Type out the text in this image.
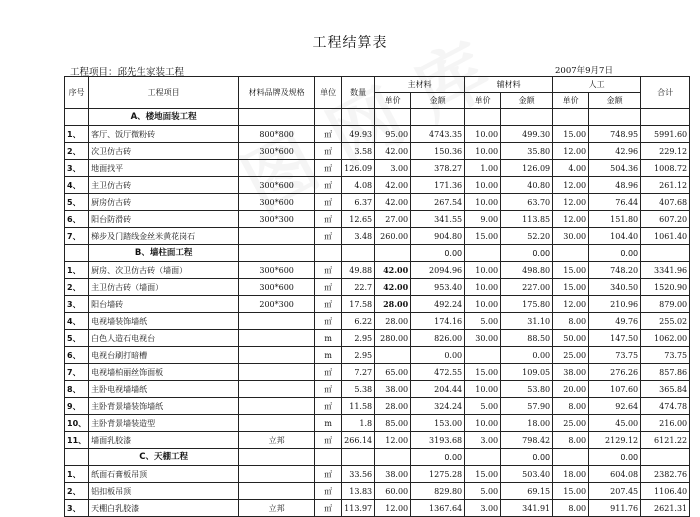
工程结算表
工程项目：邱先生家装工程	2007年9月7日
序号	工程项目	材料品牌及规格	单位	数量	主材料		辅材料		人工		合计
					单价	金额	单价	金额	单价	金额	
	A、楼地面装工程										
1、	客厅、饭厅微粉砖	800*800	㎡	49.93	95.00	4743.35	10.00	499.30	15.00	748.95	5991.60
2、	次卫仿古砖	300*600	㎡	3.58	42.00	150.36	10.00	35.80	12.00	42.96	229.12
3、	地面找平		㎡	126.09	3.00	378.27	1.00	126.09	4.00	504.36	1008.72
4、	主卫仿古砖	300*600	㎡	4.08	42.00	171.36	10.00	40.80	12.00	48.96	261.12
5、	厨房仿古砖	300*600	㎡	6.37	42.00	267.54	10.00	63.70	12.00	76.44	407.68
6、	阳台防滑砖	300*300	㎡	12.65	27.00	341.55	9.00	113.85	12.00	151.80	607.20
7、	梯步及门踏线金丝米黄花岗石		㎡	3.48	260.00	904.80	15.00	52.20	30.00	104.40	1061.40
	B、墙柱面工程					0.00		0.00		0.00	
1、	厨房、次卫仿古砖（墙面）	300*600	㎡	49.88	42.00	2094.96	10.00	498.80	15.00	748.20	3341.96
2、	主卫仿古砖（墙面）	300*600	㎡	22.7	42.00	953.40	10.00	227.00	15.00	340.50	1520.90
3、	阳台墙砖	200*300	㎡	17.58	28.00	492.24	10.00	175.80	12.00	210.96	879.00
4、	电视墙装饰墙纸		㎡	6.22	28.00	174.16	5.00	31.10	8.00	49.76	255.02
5、	白色人造石电视台		m	2.95	280.00	826.00	30.00	88.50	50.00	147.50	1062.00
6、	电视台刷打暗槽		m	2.95		0.00		0.00	25.00	73.75	73.75
7、	电视墙柏丽丝饰面板		㎡	7.27	65.00	472.55	15.00	109.05	38.00	276.26	857.86
8、	主卧电视墙墙纸		㎡	5.38	38.00	204.44	10.00	53.80	20.00	107.60	365.84
9、	主卧背景墙装饰墙纸		㎡	11.58	28.00	324.24	5.00	57.90	8.00	92.64	474.78
10、	主卧背景墙装造型		m	1.8	85.00	153.00	10.00	18.00	25.00	45.00	216.00
11、	墙面乳胶漆	立邦	㎡	266.14	12.00	3193.68	3.00	798.42	8.00	2129.12	6121.22
	C、天棚工程					0.00		0.00		0.00	
1、	纸面石膏板吊顶		㎡	33.56	38.00	1275.28	15.00	503.40	18.00	604.08	2382.76
2、	铝扣板吊顶		㎡	13.83	60.00	829.80	5.00	69.15	15.00	207.45	1106.40
3、	天棚白乳胶漆	立邦	㎡	113.97	12.00	1367.64	3.00	341.91	8.00	911.76	2621.31
